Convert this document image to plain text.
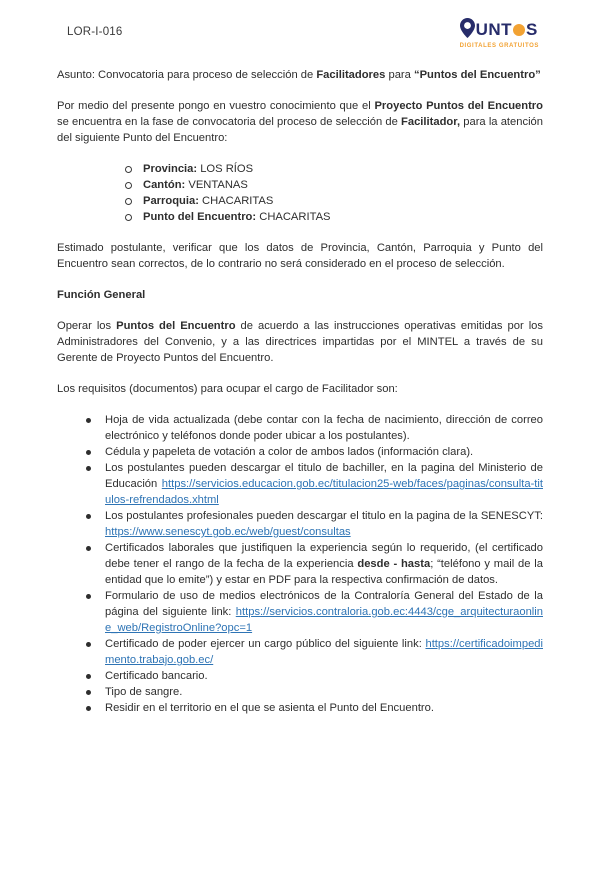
LOR-I-016	UNT S
DIGITALES GRATUITOS

Asunto: Convocatoria para proceso de selección de Facilitadores para “Puntos del Encuentro”

Por medio del presente pongo en vuestro conocimiento que el Proyecto Puntos del Encuentro se encuentra en la fase de convocatoria del proceso de selección de Facilitador, para la atención del siguiente Punto del Encuentro:

Provincia: LOS RÍOS
Cantón: VENTANAS
Parroquia: CHACARITAS
Punto del Encuentro: CHACARITAS

Estimado postulante, verificar que los datos de Provincia, Cantón, Parroquia y Punto del Encuentro sean correctos, de lo contrario no será considerado en el proceso de selección.

Función General

Operar los Puntos del Encuentro de acuerdo a las instrucciones operativas emitidas por los Administradores del Convenio, y a las directrices impartidas por el MINTEL a través de su Gerente de Proyecto Puntos del Encuentro.

Los requisitos (documentos) para ocupar el cargo de Facilitador son:

Hoja de vida actualizada (debe contar con la fecha de nacimiento, dirección de correo electrónico y teléfonos donde poder ubicar a los postulantes).
Cédula y papeleta de votación a color de ambos lados (información clara).
Los postulantes pueden descargar el titulo de bachiller, en la pagina del Ministerio de Educación https://servicios.educacion.gob.ec/titulacion25-web/faces/paginas/consulta-titulos-refrendados.xhtml
Los postulantes profesionales pueden descargar el titulo en la pagina de la SENESCYT: https://www.senescyt.gob.ec/web/guest/consultas
Certificados laborales que justifiquen la experiencia según lo requerido, (el certificado debe tener el rango de la fecha de la experiencia desde - hasta; “teléfono y mail de la entidad que lo emite”) y estar en PDF para la respectiva confirmación de datos.
Formulario de uso de medios electrónicos de la Contraloría General del Estado de la página del siguiente link: https://servicios.contraloria.gob.ec:4443/cge_arquitecturaonline_web/RegistroOnline?opc=1
Certificado de poder ejercer un cargo público del siguiente link: https://certificadoimpedimento.trabajo.gob.ec/
Certificado bancario.
Tipo de sangre.
Residir en el territorio en el que se asienta el Punto del Encuentro.
